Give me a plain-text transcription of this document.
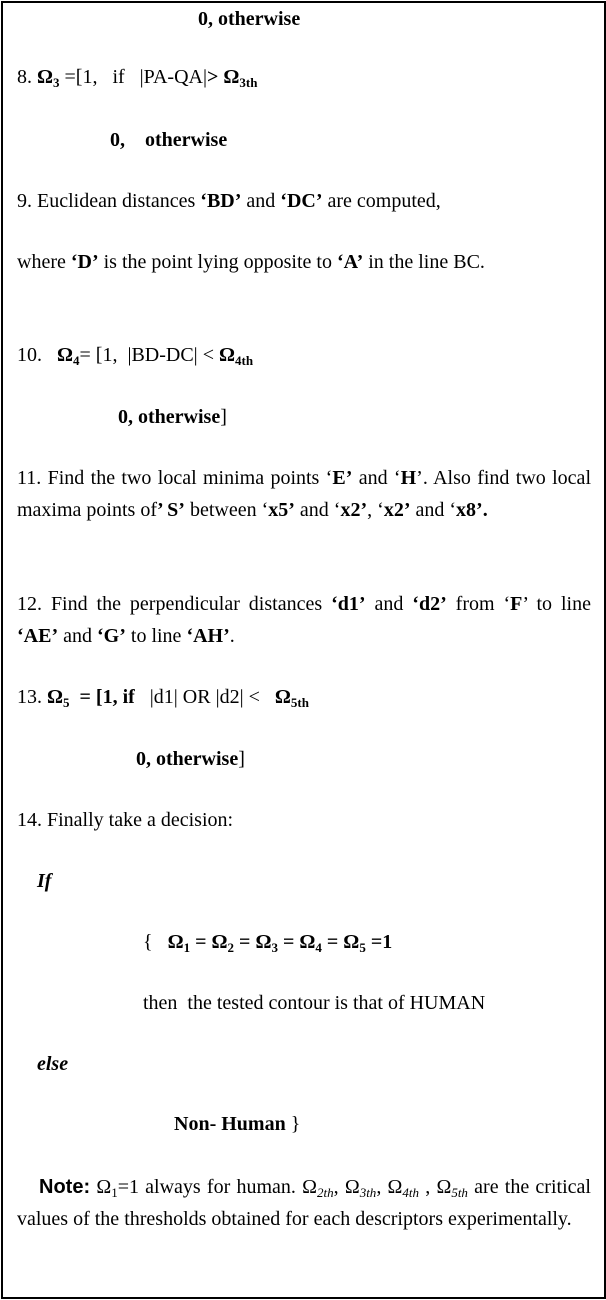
0, otherwise
8. $\Omega_3 =[1$,   if   $|PA-QA|> \Omega_{3th}$
0,    otherwise
9. Euclidean distances ‘BD’ and ‘DC’ are computed,
where ‘D’ is the point lying opposite to ‘A’ in the line BC.
10.   $\Omega_4= [1$,  $|BD-DC| < \Omega_{4th}$
0, otherwise]
11. Find the two local minima points ‘E’ and ‘H’. Also find two local maxima points of’ S’ between ‘x5’ and ‘x2’, ‘x2’ and ‘x8’.
12. Find the perpendicular distances ‘d1’ and ‘d2’ from ‘F’ to line ‘AE’ and ‘G’ to line ‘AH’.
13. $\Omega_5 = [1$, if   |d1| OR $|d2| < \Omega_{5th}$
0, otherwise]
14. Finally take a decision:
If
{   $\Omega_1 = \Omega_2 = \Omega_3 = \Omega_4 = \Omega_5 =1$
then  the tested contour is that of HUMAN
else
Non- Human }
Note: $\Omega_1=1$ always for human. $\Omega_{2th}$, $\Omega_{3th}$, $\Omega_{4th}$ , $\Omega_{5th}$ are the critical values of the thresholds obtained for each descriptors experimentally.
